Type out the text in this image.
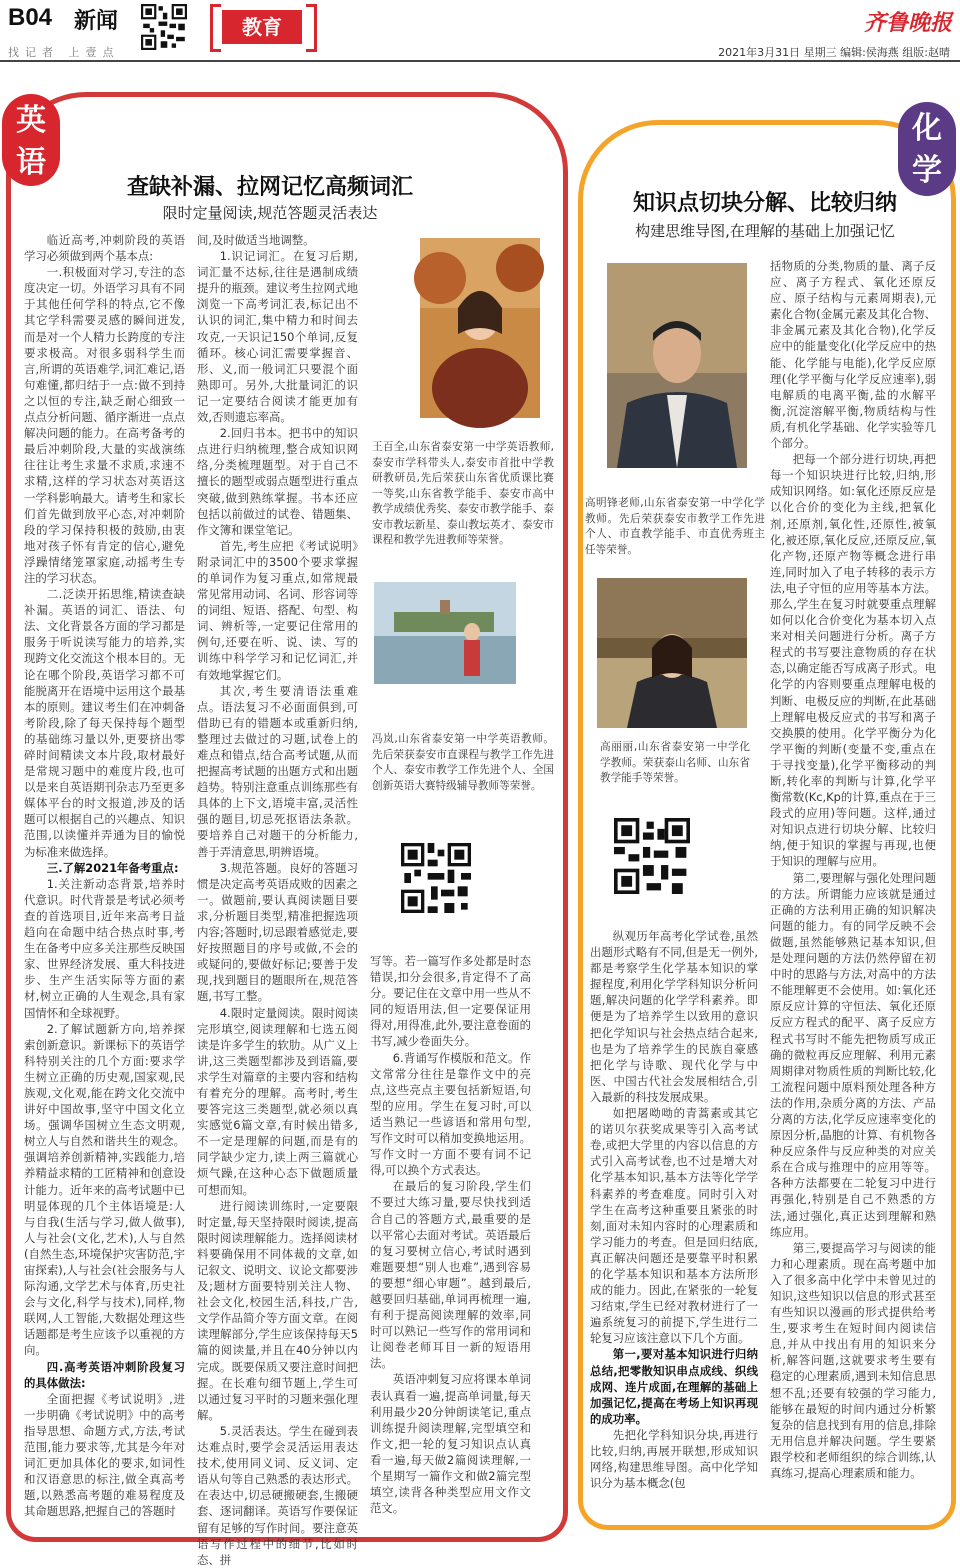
B04 新闻
找记者 上壹点
教育	齐鲁晚报
2021年3月31日 星期三 编辑:侯海燕 组版:赵晴
英语
化学
查缺补漏、拉网记忆高频词汇
限时定量阅读,规范答题灵活表达

临近高考,冲刺阶段的英语学习必须做到两个基本点:

一.积极面对学习,专注的态度决定一切。外语学习具有不同于其他任何学科的特点,它不像其它学科需要灵感的瞬间迸发,而是对一个人精力长跨度的专注要求极高。对很多弱科学生而言,所谓的英语难学,词汇难记,语句难懂,都归结于一点:做不到持之以恒的专注,缺乏耐心细致一点点分析问题、循序渐进一点点解决问题的能力。在高考备考的最后冲刺阶段,大量的实战演练往往让考生求量不求质,求速不求精,这样的学习状态对英语这一学科影响最大。请考生和家长们首先做到放平心态,对冲刺阶段的学习保持积极的鼓励,由衷地对孩子怀有肯定的信心,避免浮躁情绪笼罩家庭,动摇考生专注的学习状态。

二.泛读开拓思维,精读查缺补漏。英语的词汇、语法、句法、文化背景各方面的学习都是服务于听说读写能力的培养,实现跨文化交流这个根本目的。无论在哪个阶段,英语学习都不可能脱离开在语境中运用这个最基本的原则。建议考生们在冲刺备考阶段,除了每天保持每个题型的基础练习量以外,更要挤出零碎时间精读文本片段,取材最好是常规习题中的难度片段,也可以是来自英语期刊杂志乃至更多媒体平台的时文报道,涉及的话题可以根据自己的兴趣点、知识范围,以读懂并弄通为目的愉悦为标准来做选择。

三.了解2021年备考重点:

1.关注新动态背景,培养时代意识。时代背景是考试必须考查的首选项目,近年来高考日益趋向在命题中结合热点时事,考生在备考中应多关注那些反映国家、世界经济发展、重大科技进步、生产生活实际等方面的素材,树立正确的人生观念,具有家国情怀和全球视野。

2.了解试题新方向,培养探索创新意识。新课标下的英语学科特别关注的几个方面:要求学生树立正确的历史观,国家观,民族观,文化观,能在跨文化交流中讲好中国故事,坚守中国文化立场。强调华国树立生态文明观,树立人与自然和谐共生的观念。强调培养创新精神,实践能力,培养精益求精的工匠精神和创意设计能力。近年来的高考试题中已明显体现的几个主体语境是:人与自我(生活与学习,做人做事),人与社会(文化,艺术),人与自然(自然生态,环境保护灾害防范,宇宙探索),人与社会(社会服务与人际沟通,文学艺术与体育,历史社会与文化,科学与技术),同样,物联网,人工智能,大数据处理这些话题都是考生应该予以重视的方向。

四.高考英语冲刺阶段复习的具体做法:

全面把握《考试说明》,进一步明确《考试说明》中的高考指导思想、命题方式,方法,考试范围,能力要求等,尤其是今年对词汇更加具体化的要求,如词性和汉语意思的标注,做全真高考题,以熟悉高考题的难易程度及其命题思路,把握自己的答题时

间,及时做适当地调整。

1.识记词汇。在复习后期,词汇量不达标,往往是遇制成绩提升的瓶颈。建议考生拉网式地浏览一下高考词汇表,标记出不认识的词汇,集中精力和时间去攻克,一天识记150个单词,反复循环。核心词汇需要掌握音、形、义,而一般词汇只要混个面熟即可。另外,大批量词汇的识记一定要结合阅读才能更加有效,否则遗忘率高。

2.回归书本。把书中的知识点进行归纳梳理,整合成知识网络,分类梳理题型。对于自己不擅长的题型或弱点题型进行重点突破,做到熟练掌握。书本还应包括以前做过的试卷、错题集、作文簿和课堂笔记。

首先,考生应把《考试说明》附录词汇中的3500个要求掌握的单词作为复习重点,如常规最常见常用动词、名词、形容词等的词组、短语、搭配、句型、构词、辨析等,一定要记住常用的例句,还要在听、说、读、写的训练中科学学习和记忆词汇,并有效地掌握它们。

其次,考生要清语法重难点。语法复习不必面面俱到,可借助已有的错题本或重新归纳,整理过去做过的习题,试卷上的难点和错点,结合高考试题,从而把握高考试题的出题方式和出题趋势。特别注意重点训练那些有具体的上下文,语境丰富,灵活性强的题目,切忌死抠语法条款。要培养自己对题干的分析能力,善于弄清意思,明辨语境。

3.规范答题。良好的答题习惯是决定高考英语成败的因素之一。做题前,要认真阅读题目要求,分析题目类型,精准把握选项内容;答题时,切忌跟着感觉走,要好按照题目的序号或做,不会的或疑问的,要做好标记;要善于发现,找到题目的题眼所在,规范答题,书写工整。

4.限时定量阅读。限时阅读完形填空,阅读理解和七选五阅读是许多学生的软肋。从广义上讲,这三类题型都涉及到语篇,要求学生对篇章的主要内容和结构有着充分的理解。高考时,考生要答完这三类题型,就必须以真实感觉6篇文章,有时候出错多,不一定是理解的问题,而是有的同学缺少定力,读上两三篇就心烦气躁,在这种心态下做题质量可想而知。

进行阅读训练时,一定要限时定量,每天坚持限时阅读,提高限时阅读理解能力。选择阅读材料要确保用不同体裁的文章,如记叙文、说明文、议论文都要涉及;题材方面要特别关注人物、社会文化,校园生活,科技,广告,文学作品简介等方面文章。在阅读理解部分,学生应该保持每天5篇的阅读量,并且在40分钟以内完成。既要保质又要注意时间把握。在长难句细节题上,学生可以通过复习平时的习题来强化理解。

5.灵活表达。学生在碰到表达难点时,要学会灵活运用表达技术,使用同义词、反义词、定语从句等自己熟悉的表达形式。在表达中,切忌硬搬硬套,生搬硬套、逐词翻译。英语写作要保证留有足够的写作时间。要注意英语写作过程中的细节,比如时态、拼

写等。若一篇写作多处都是时态错误,扣分会很多,肯定得不了高分。要记住在文章中用一些从不同的短语用法,但一定要保证用得对,用得准,此外,要注意卷面的书写,减少卷面失分。

6.背诵写作模版和范文。作文常常分往往是靠作文中的亮点,这些亮点主要包括新短语,句型的应用。学生在复习时,可以适当熟记一些谚语和常用句型,写作文时可以稍加变换地运用。写作文时一方面不要有词不记得,可以换个方式表达。

在最后的复习阶段,学生们不要过大练习量,要尽快找到适合自己的答题方式,最重要的是以平常心去面对考试。英语最后的复习要树立信心,考试时遇到难题要想“别人也难”,遇到容易的要想“细心审题”。越到最后,越要回归基础,单词再梳理一遍,有利于提高阅读理解的效率,同时可以熟记一些写作的常用词和让阅卷老师耳目一新的短语用法。

英语冲刺复习应将课本单词表认真看一遍,提高单词量,每天利用最少20分钟朗读笔记,重点训练提升阅读理解,完型填空和作文,把一轮的复习知识点认真看一遍,每天做2篇阅读理解,一个星期写一篇作文和做2篇完型填空,读背各种类型应用文作文范文。

王百全,山东省泰安第一中学英语教师,泰安市学科带头人,泰安市首批中学教研教研员,先后荣获山东省优质课比赛一等奖,山东省教学能手、泰安市高中教学成绩优秀奖、泰安市教学能手、泰安市教坛新星、泰山教坛英才、泰安市课程和教学先进教师等荣誉。
冯岚,山东省泰安第一中学英语教师。先后荣获泰安市直课程与教学工作先进个人、泰安市教学工作先进个人、全国创新英语大赛特级辅导教师等荣誉。
知识点切块分解、比较归纳
构建思维导图,在理解的基础上加强记忆
高明锋老师,山东省泰安第一中学化学教师。先后荣获泰安市教学工作先进个人、市直教学能手、市直优秀班主任等荣誉。
高丽丽,山东省泰安第一中学化学教师。荣获泰山名师、山东省教学能手等荣誉。

纵观历年高考化学试卷,虽然出题形式略有不同,但是无一例外,都是考察学生化学基本知识的掌握程度,利用化学学科知识分析问题,解决问题的化学学科素养。即便是为了培养学生以致用的意识把化学知识与社会热点结合起来,也是为了培养学生的民族自豪感把化学与诗歌、现代化学与中医、中国古代社会发展相结合,引入最新的科技发展成果。

如把屠呦呦的青蒿素或其它的诺贝尔获奖成果等引入高考试卷,或把大学里的内容以信息的方式引入高考试卷,也不过是增大对化学基本知识,基本方法等化学学科素养的考查难度。同时引入对学生在高考这种重要且紧张的时刻,面对未知内容时的心理素质和学习能力的考查。但是回归结底,真正解决问题还是要靠平时积累的化学基本知识和基本方法所形成的能力。因此,在紧张的一轮复习结束,学生已经对教材进行了一遍系统复习的前提下,学生进行二轮复习应该注意以下几个方面。

第一,要对基本知识进行归纳总结,把零散知识串点成线、织线成网、连片成面,在理解的基础上加强记忆,提高在考场上知识再现的成功率。

先把化学科知识分块,再进行比较,归纳,再展开联想,形成知识网络,构建思维导图。高中化学知识分为基本概念(包

括物质的分类,物质的量、离子反应、离子方程式、氧化还原反应、原子结构与元素周期表),元素化合物(金属元素及其化合物、非金属元素及其化合物),化学反应中的能量变化(化学反应中的热能、化学能与电能),化学反应原理(化学平衡与化学反应速率),弱电解质的电离平衡,盐的水解平衡,沉淀溶解平衡,物质结构与性质,有机化学基础、化学实验等几个部分。

把每一个部分进行切块,再把每一个知识块进行比较,归纳,形成知识网络。如:氧化还原反应是以化合价的变化为主线,把氧化剂,还原剂,氧化性,还原性,被氧化,被还原,氧化反应,还原反应,氧化产物,还原产物等概念进行串连,同时加入了电子转移的表示方法,电子守恒的应用等基本方法。那么,学生在复习时就要重点理解如何以化合价变化为基本切入点来对相关问题进行分析。离子方程式的书写要注意物质的存在状态,以确定能否写成离子形式。电化学的内容则要重点理解电极的判断、电极反应的判断,在此基础上理解电极反应式的书写和离子交换膜的使用。化学平衡分为化学平衡的判断(变量不变,重点在于寻找变量),化学平衡移动的判断,转化率的判断与计算,化学平衡常数(Kc,Kp的计算,重点在于三段式的应用)等问题。这样,通过对知识点进行切块分解、比较归纳,便于知识的掌握与再现,也便于知识的理解与应用。

第二,要理解与强化处理问题的方法。所谓能力应该就是通过正确的方法利用正确的知识解决问题的能力。有的同学反映不会做题,虽然能够熟记基本知识,但是处理问题的方法仍然停留在初中时的思路与方法,对高中的方法不能理解更不会使用。如:氧化还原反应计算的守恒法、氧化还原反应方程式的配平、离子反应方程式书写时不能先把物质写成正确的微粒再反应理解、利用元素周期律对物质性质的判断比较,化工流程问题中原料预处理各种方法的作用,杂质分离的方法、产品分离的方法,化学反应速率变化的原因分析,晶胞的计算、有机物各种反应条件与反应种类的对应关系在合成与推理中的应用等等。各种方法都要在二轮复习中进行再强化,特别是自己不熟悉的方法,通过强化,真正达到理解和熟练应用。

第三,要提高学习与阅读的能力和心理素质。现在高考题中加入了很多高中化学中未曾见过的知识,这些知识以信息的形式甚至有些知识以漫画的形式提供给考生,要求考生在短时间内阅读信息,并从中找出有用的知识来分析,解答问题,这就要求考生要有稳定的心理素质,遇到未知信息思想不乱;还要有较强的学习能力,能够在最短的时间内通过分析繁复杂的信息找到有用的信息,排除无用信息并解决问题。学生要紧跟学校和老师组织的综合训练,认真练习,提高心理素质和能力。
